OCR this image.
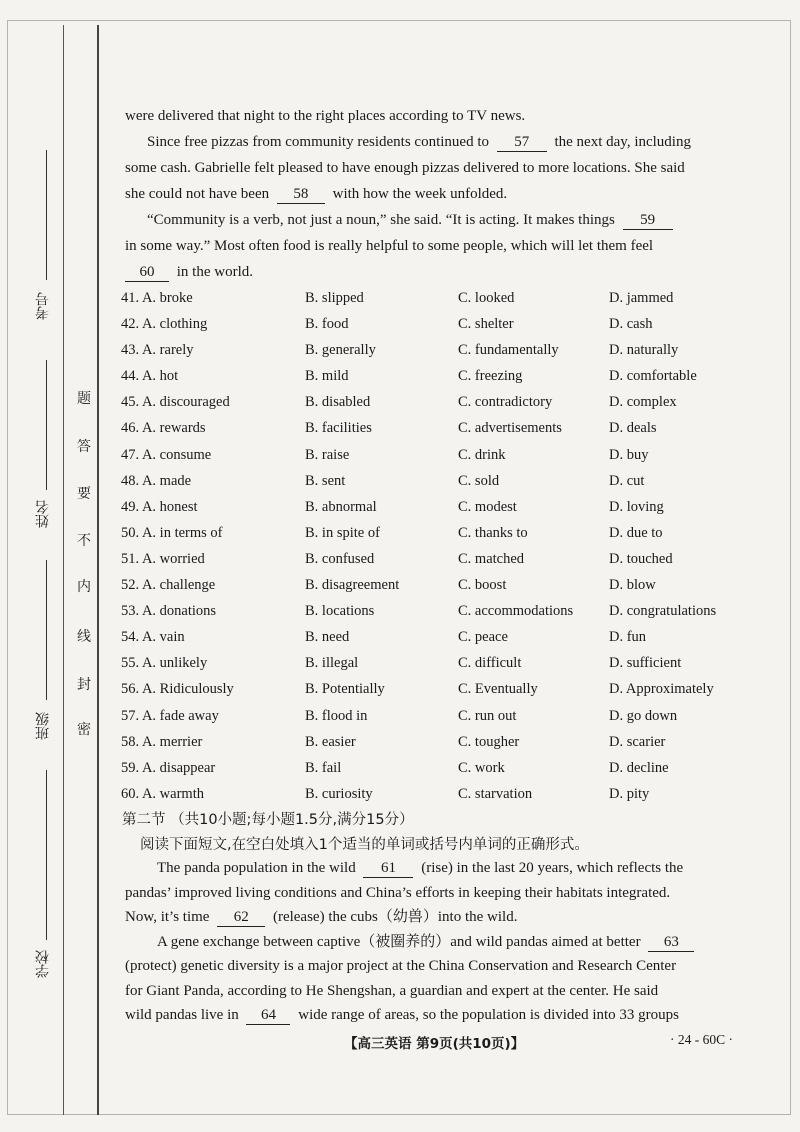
考号
姓名
班级
学校
密
封
线
内
不
要
答
题
were delivered that night to the right places according to TV news.
Since free pizzas from community residents continued to 57 the next day, including
some cash. Gabrielle felt pleased to have enough pizzas delivered to more locations. She said
she could not have been 58 with how the week unfolded.
“Community is a verb, not just a noun,” she said. “It is acting. It makes things 59
in some way.” Most often food is really helpful to some people, which will let them feel
60 in the world.
41. A. broke	B. slipped	C. looked	D. jammed
42. A. clothing	B. food	C. shelter	D. cash
43. A. rarely	B. generally	C. fundamentally	D. naturally
44. A. hot	B. mild	C. freezing	D. comfortable
45. A. discouraged	B. disabled	C. contradictory	D. complex
46. A. rewards	B. facilities	C. advertisements	D. deals
47. A. consume	B. raise	C. drink	D. buy
48. A. made	B. sent	C. sold	D. cut
49. A. honest	B. abnormal	C. modest	D. loving
50. A. in terms of	B. in spite of	C. thanks to	D. due to
51. A. worried	B. confused	C. matched	D. touched
52. A. challenge	B. disagreement	C. boost	D. blow
53. A. donations	B. locations	C. accommodations D. congratulations
54. A. vain	B. need	C. peace	D. fun
55. A. unlikely	B. illegal	C. difficult	D. sufficient
56. A. Ridiculously	B. Potentially	C. Eventually	D. Approximately
57. A. fade away	B. flood in	C. run out	D. go down
58. A. merrier	B. easier	C. tougher	D. scarier
59. A. disappear	B. fail	C. work	D. decline
60. A. warmth	B. curiosity	C. starvation	D. pity
第二节 （共10小题;每小题1.5分,满分15分）
阅读下面短文,在空白处填入1个适当的单词或括号内单词的正确形式。
The panda population in the wild 61 (rise) in the last 20 years, which reflects the
pandas’ improved living conditions and China’s efforts in keeping their habitats integrated.
Now, it’s time 62 (release) the cubs（幼兽）into the wild.
A gene exchange between captive（被圈养的）and wild pandas aimed at better 63
(protect) genetic diversity is a major project at the China Conservation and Research Center
for Giant Panda, according to He Shengshan, a guardian and expert at the center. He said
wild pandas live in 64 wide range of areas, so the population is divided into 33 groups
【高三英语 第9页(共10页)】	· 24 - 60C ·
